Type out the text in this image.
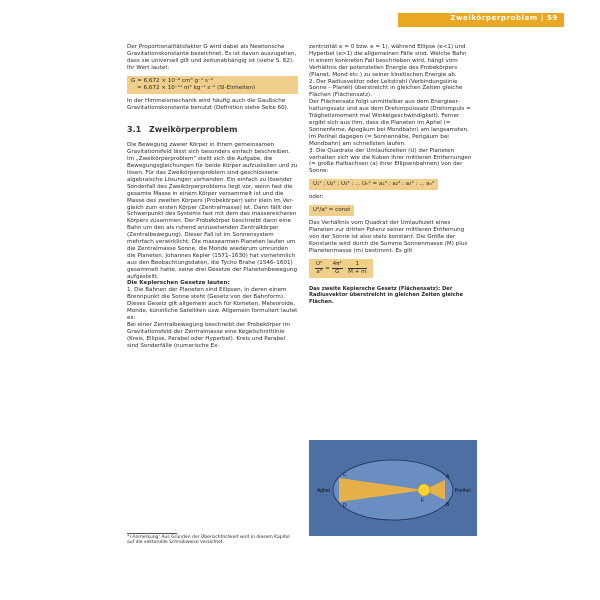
Zweikörperproblem | 59

Der Proportionalitätsfaktor G wird dabei als Newtonsche Gravitationskonstante bezeichnet. Es ist davon auszugehen, dass sie universell gilt und zeitunabhängig ist (siehe S. 62).

Ihr Wert lautet:

G = 6,672 × 10⁻⁸ cm³ g⁻¹ s⁻²
= 6,672 × 10⁻¹¹ m³ kg⁻¹ s⁻² (SI-Einheiten)

In der Himmelsmechanik wird häufig auch die Gaußsche Gravitationskonstante benutzt (Definition siehe Seite 60).

3.1 Zweikörperproblem

Die Bewegung zweier Körper in ihrem gemeinsamen Gravitationsfeld lässt sich besonders einfach beschreiben. Im „Zweikörperproblem“ stellt sich die Aufgabe, die Bewegungsgleichungen für beide Körper aufzustellen und zu lösen. Für das Zweikörpersproblem sind geschlossene algebraische Lösungen vorhanden. Ein einfach zu lösender Sonderfall des Zweikörperproblems liegt vor, wenn fast die gesamte Masse in einem Körper versammelt ist und die Masse des zweiten Körpers (Probekörper) sehr klein im Vergleich zum ersten Körper (Zentralmasse) ist. Dann fällt der Schwerpunkt des Systems fast mit dem des massereicheren Körpers zusammen. Der Probekörper beschreibt dann eine Bahn um den als ruhend anzusehenden Zentralkörper (Zentralbewegung). Dieser Fall ist im Sonnensystem mehrfach verwirklicht. Die massearmen Planeten laufen um die Zentralmasse Sonne, die Monde wiederum umrunden die Planeten. Johannes Kepler (1571–1630) hat vornehmlich aus den Beobachtungsdaten, die Tycho Brahe (1546–1601) gesammelt hatte, seine drei Gesetze der Planetenbewegung aufgestellt.

Die Keplerschen Gesetze lauten:

1. Die Bahnen der Planeten sind Ellipsen, in deren einem Brennpunkt die Sonne steht (Gesetz von der Bahnform). Dieses Gesetz gilt allgemein auch für Kometen, Meteoroide, Monde, künstliche Satelliten usw. Allgemein formuliert lautet es:

Bei einer Zentralbewegung beschreibt der Probekörper im Gravitationsfeld der Zentralmasse eine Kegelschnittlinie (Kreis, Ellipse, Parabel oder Hyperbel). Kreis und Parabel sind Sonderfälle (numerische Ex-

*) Anmerkung: Aus Gründen der Übersichtlichkeit wird in diesem Kapitel auf die vektorielle Schreibweise verzichtet.

zentrizität e = 0 bzw. e = 1), während Ellipse (e<1) und Hyperbel (e>1) die allgemeinen Fälle sind. Welche Bahn in einem konkreten Fall beschrieben wird, hängt vom Verhältnis der potenziellen Energie des Probekörpers (Planet, Mond etc.) zu seiner kinetischen Energie ab.

2. Der Radiusvektor oder Leitstrahl (Verbindungslinie Sonne – Planet) überstreicht in gleichen Zeiten gleiche Flächen (Flächensatz).

Der Flächensatz folgt unmittelbar aus dem Energieerhaltungssatz und aus dem Drehimpulssatz (Drehimpuls = Trägheitsmoment mal Winkelgeschwindigkeit). Ferner ergibt sich aus ihm, dass die Planeten im Aphel (= Sonnenferne, Apogäum bei Mondbahn) am langsamsten, im Perihel dagegen (= Sonnennähe, Perigäum bei Mondbahn) am schnellsten laufen.

3. Die Quadrate der Umlaufszeiten (U) der Planeten verhalten sich wie die Kuben ihrer mittleren Entfernungen (= große Halbachsen (a) ihrer Ellipsenbahnen) von der Sonne:

U₁² : U₂² : U₃² : ... Uₙ² = a₁³ : a₂³ : a₃³ : ... aₙ³

oder:

U²/a³ = const

Das Verhältnis vom Quadrat der Umlaufszeit eines Planeten zur dritten Potenz seiner mittleren Entfernung von der Sonne ist also stets konstant. Die Größe der Konstante wird durch die Summe Sonnenmasse (M) plus Planetenmasse (m) bestimmt. Es gilt

$\frac{\text{U²}}{\text{a³}} = \frac{\text{4π²}}{G} \cdot \frac{1}{M + m}$

Das zweite Keplersche Gesetz (Flächensatz): Der Radiusvektor überstreicht in gleichen Zeiten gleiche Flächen.

C
D
A
B
F
Aphel	Perihel
